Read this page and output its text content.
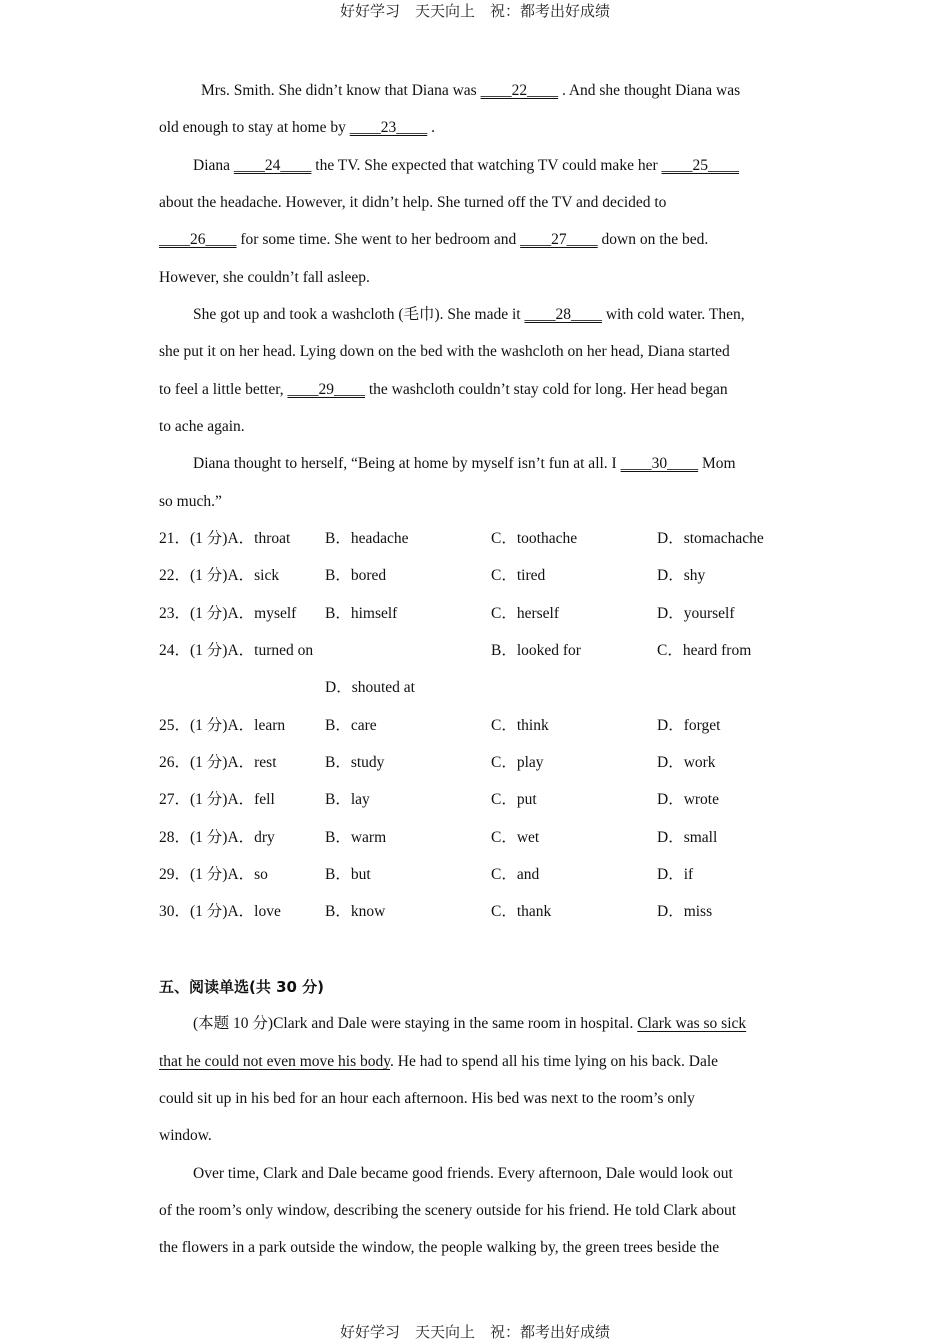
好好学习　天天向上　祝：都考出好成绩
Mrs. Smith. She didn’t know that Diana was ____22____ . And she thought Diana was
old enough to stay at home by ____23____ .
Diana ____24____ the TV. She expected that watching TV could make her ____25____
about the headache. However, it didn’t help. She turned off the TV and decided to
____26____ for some time. She went to her bedroom and ____27____ down on the bed.
However, she couldn’t fall asleep.
She got up and took a washcloth (毛巾). She made it ____28____ with cold water. Then,
she put it on her head. Lying down on the bed with the washcloth on her head, Diana started
to feel a little better, ____29____ the washcloth couldn’t stay cold for long. Her head began
to ache again.
Diana thought to herself, “Being at home by myself isn’t fun at all. I ____30____ Mom
so much.”
21．(1 分)A．throat B．headache	C．toothache	D．stomachache
22．(1 分)A．sick	B．bored	C．tired	D．shy
23．(1 分)A．myself B．himself	C．herself	D．yourself
24．(1 分)A．turned on	B．looked for	C．heard from
D．shouted at
25．(1 分)A．learn	B．care	C．think	D．forget
26．(1 分)A．rest	B．study	C．play	D．work
27．(1 分)A．fell	B．lay	C．put	D．wrote
28．(1 分)A．dry	B．warm	C．wet	D．small
29．(1 分)A．so	B．but	C．and	D．if
30．(1 分)A．love	B．know	C．thank	D．miss
五、阅读单选(共 30 分)
(本题 10 分)Clark and Dale were staying in the same room in hospital. Clark was so sick
that he could not even move his body. He had to spend all his time lying on his back. Dale
could sit up in his bed for an hour each afternoon. His bed was next to the room’s only
window.
Over time, Clark and Dale became good friends. Every afternoon, Dale would look out
of the room’s only window, describing the scenery outside for his friend. He told Clark about
the flowers in a park outside the window, the people walking by, the green trees beside the
好好学习　天天向上　祝：都考出好成绩
